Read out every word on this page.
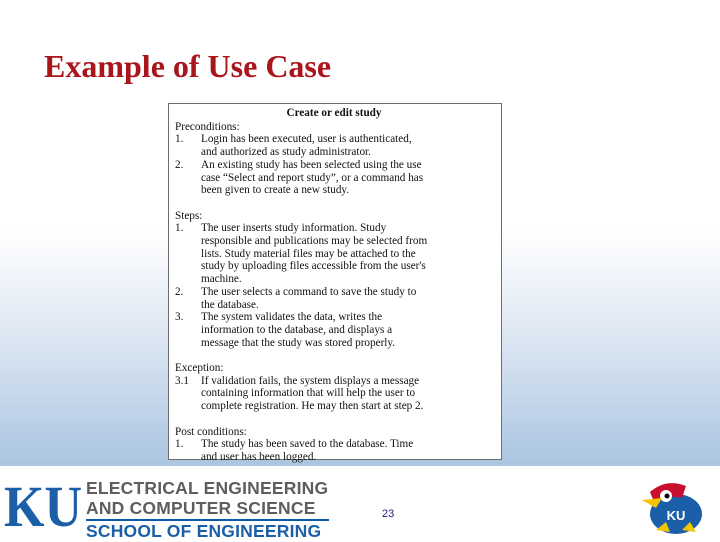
Example of Use Case
Create or edit study
Preconditions:
1.	Login has been executed, user is authenticated,
and authorized as study administrator.
2.	An existing study has been selected using the use
case “Select and report study”, or a command has
been given to create a new study.
Steps:
1.	The user inserts study information. Study
responsible and publications may be selected from
lists. Study material files may be attached to the
study by uploading files accessible from the user's
machine.
2.	The user selects a command to save the study to
the database.
3.	The system validates the data, writes the
information to the database, and displays a
message that the study was stored properly.
Exception:
3.1	If validation fails, the system displays a message
containing information that will help the user to
complete registration. He may then start at step 2.
Post conditions:
1.	The study has been saved to the database. Time
and user has been logged.
KU ELECTRICAL ENGINEERING
AND COMPUTER SCIENCE
SCHOOL OF ENGINEERING
23	KU
